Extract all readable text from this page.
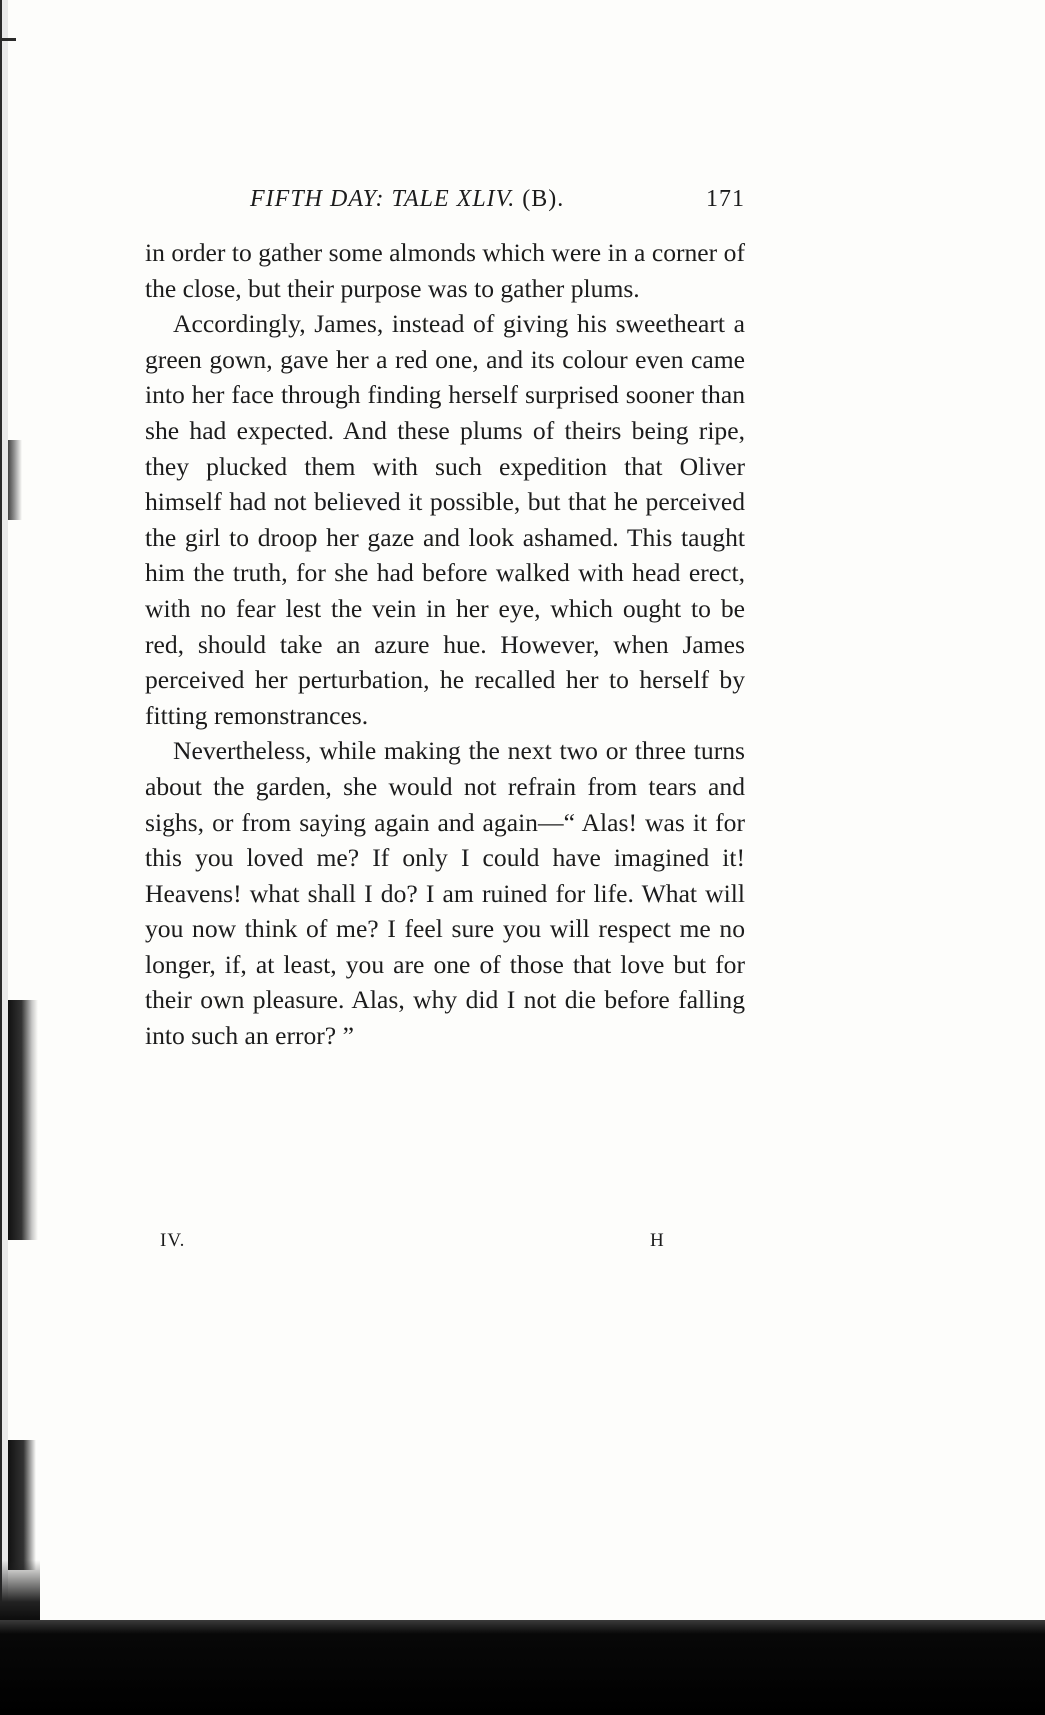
FIFTH DAY: TALE XLIV. (B).	171

in order to gather some almonds which were in a corner of the close, but their purpose was to gather plums.

Accordingly, James, instead of giving his sweetheart a green gown, gave her a red one, and its colour even came into her face through finding herself surprised sooner than she had expected. And these plums of theirs being ripe, they plucked them with such expedition that Oliver himself had not believed it possible, but that he perceived the girl to droop her gaze and look ashamed. This taught him the truth, for she had before walked with head erect, with no fear lest the vein in her eye, which ought to be red, should take an azure hue. However, when James perceived her perturbation, he recalled her to herself by fitting remonstrances.

Nevertheless, while making the next two or three turns about the garden, she would not refrain from tears and sighs, or from saying again and again—“ Alas! was it for this you loved me? If only I could have imagined it! Heavens! what shall I do? I am ruined for life. What will you now think of me? I feel sure you will respect me no longer, if, at least, you are one of those that love but for their own pleasure. Alas, why did I not die before falling into such an error? ”

IV.	H
